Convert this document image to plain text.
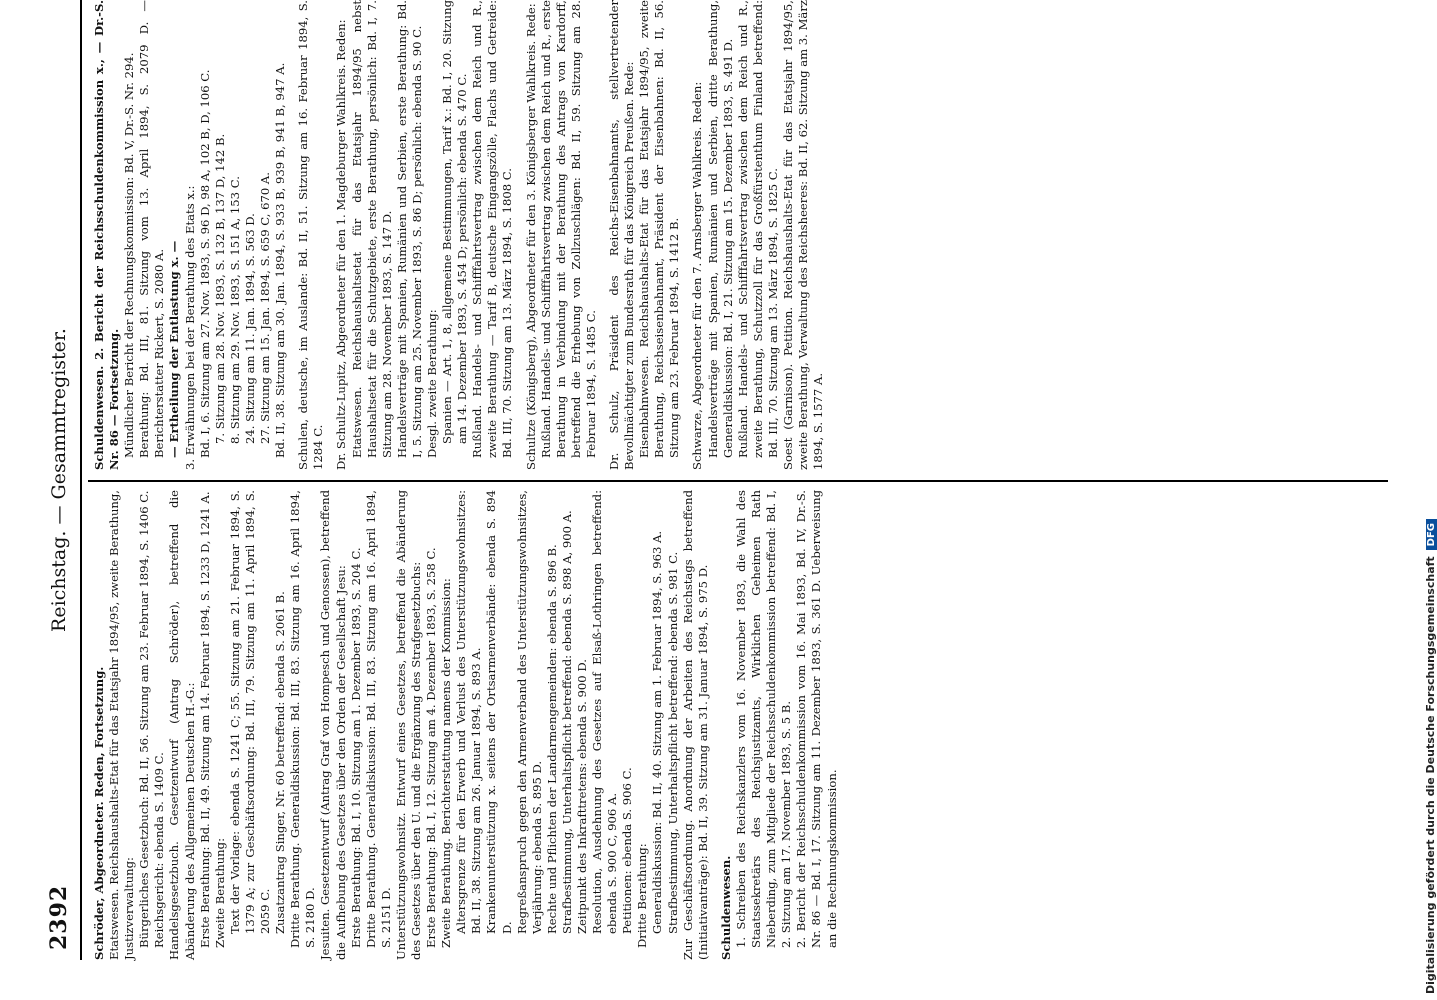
2392
Reichstag. — Gesammtregister.

Schröder, Abgeordneter. Reden, Fortsetzung. Etatswesen. Reichshaushalts-Etat für das Etatsjahr 1894/95, zweite Berathung, Justizverwaltung: Bürgerliches Gesetzbuch: Bd. II, 56. Sitzung am 23. Februar 1894, S. 1406 C. Reichsgericht: ebenda S. 1409 C. Handelsgesetzbuch. Gesetzentwurf (Antrag Schröder), betreffend die Abänderung des Allgemeinen Deutschen H.-G.: Erste Berathung: Bd. II, 49. Sitzung am 14. Februar 1894, S. 1233 D, 1241 A. Zweite Berathung: Text der Vorlage: ebenda S. 1241 C; 55. Sitzung am 21. Februar 1894, S. 1379 A; zur Geschäftsordnung: Bd. III, 79. Sitzung am 11. April 1894, S. 2059 C. Zusatzantrag Singer, Nr. 60 betreffend: ebenda S. 2061 B. Dritte Berathung. Generaldiskussion: Bd. III, 83. Sitzung am 16. April 1894, S. 2180 D. Jesuiten. Gesetzentwurf (Antrag Graf von Hompesch und Genossen), betreffend die Aufhebung des Gesetzes über den Orden der Gesellschaft Jesu: Erste Berathung: Bd. I, 10. Sitzung am 1. Dezember 1893, S. 204 C. Dritte Berathung. Generaldiskussion: Bd. III, 83. Sitzung am 16. April 1894, S. 2151 D. Unterstützungswohnsitz. Entwurf eines Gesetzes, betreffend die Abänderung des Gesetzes über den U. und die Ergänzung des Strafgesetzbuchs: Erste Berathung: Bd. I, 12. Sitzung am 4. Dezember 1893, S. 258 C. Zweite Berathung. Berichterstattung namens der Kommission: Altersgrenze für den Erwerb und Verlust des Unterstützungswohnsitzes: Bd. II, 38. Sitzung am 26. Januar 1894, S. 893 A. Krankenunterstützung x. seitens der Ortsarmenverbände: ebenda S. 894 D. Regreßanspruch gegen den Armenverband des Unterstützungswohnsitzes, Verjährung: ebenda S. 895 D. Rechte und Pflichten der Landarmengemeinden: ebenda S. 896 B. Strafbestimmung, Unterhaltspflicht betreffend: ebenda S. 898 A, 900 A. Zeitpunkt des Inkrafttretens: ebenda S. 900 D. Resolution, Ausdehnung des Gesetzes auf Elsaß-Lothringen betreffend: ebenda S. 900 C, 906 A. Petitionen: ebenda S. 906 C. Dritte Berathung: Generaldiskussion: Bd. II, 40. Sitzung am 1. Februar 1894, S. 963 A. Strafbestimmung, Unterhaltspflicht betreffend: ebenda S. 981 C. Zur Geschäftsordnung. Anordnung der Arbeiten des Reichstags betreffend (Initiativanträge): Bd. II, 39. Sitzung am 31. Januar 1894, S. 975 D. Schuldenwesen. 1. Schreiben des Reichskanzlers vom 16. November 1893, die Wahl des Staatssekretärs des Reichsjustizamts, Wirklichen Geheimen Rath Nieberding, zum Mitgliede der Reichsschuldenkommission betreffend: Bd. I, 2. Sitzung am 17. November 1893, S. 5 B. 2. Bericht der Reichsschuldenkommission vom 16. Mai 1893, Bd. IV, Dr.-S. Nr. 86 — Bd. I, 17. Sitzung am 11. Dezember 1893, S. 361 D. Ueberweisung an die Rechnungskommission.

Schuldenwesen. 2. Bericht der Reichsschuldenkommission x., — Dr.-S. Nr. 86 — Fortsetzung. Mündlicher Bericht der Rechnungskommission: Bd. V, Dr.-S. Nr. 294. Berathung: Bd. III, 81. Sitzung vom 13. April 1894, S. 2079 D. — Berichterstatter Rickert, S. 2080 A. — Ertheilung der Entlastung x. — 3. Erwähnungen bei der Berathung des Etats x.: Bd. I, 6. Sitzung am 27. Nov. 1893, S. 96 D, 98 A, 102 B, D, 106 C. 7. Sitzung am 28. Nov. 1893, S. 132 B, 137 D, 142 B. 8. Sitzung am 29. Nov. 1893, S. 151 A, 153 C. 24. Sitzung am 11. Jan. 1894, S. 563 D. 27. Sitzung am 15. Jan. 1894, S. 659 C, 670 A. Bd. II, 38. Sitzung am 30. Jan. 1894, S. 933 B, 939 B, 941 B, 947 A. Schulen, deutsche, im Auslande: Bd. II, 51. Sitzung am 16. Februar 1894, S. 1284 C. Dr. Schultz-Lupitz, Abgeordneter für den 1. Magdeburger Wahlkreis. Reden: Etatswesen. Reichshaushaltsetat für das Etatsjahr 1894/95 nebst Haushaltsetat für die Schutzgebiete, erste Berathung, persönlich: Bd. I, 7. Sitzung am 28. November 1893, S. 147 D. Handelsverträge mit Spanien, Rumänien und Serbien, erste Berathung: Bd. I, 5. Sitzung am 25. November 1893, S. 86 D; persönlich: ebenda S. 90 C. Desgl. zweite Berathung: Spanien — Art. 1, 8, allgemeine Bestimmungen, Tarif x.: Bd. I, 20. Sitzung am 14. Dezember 1893, S. 454 D; persönlich: ebenda S. 470 C. Rußland. Handels- und Schifffahrtsvertrag zwischen dem Reich und R., zweite Berathung — Tarif B, deutsche Eingangszölle, Flachs und Getreide: Bd. III, 70. Sitzung am 13. März 1894, S. 1808 C. Schultze (Königsberg), Abgeordneter für den 3. Königsberger Wahlkreis. Rede: Rußland. Handels- und Schifffahrtsvertrag zwischen dem Reich und R., erste Berathung in Verbindung mit der Berathung des Antrags von Kardorff, betreffend die Erhebung von Zollzuschlägen: Bd. II, 59. Sitzung am 28. Februar 1894, S. 1485 C. Dr. Schulz, Präsident des Reichs-Eisenbahnamts, stellvertretender Bevollmächtigter zum Bundesrath für das Königreich Preußen. Rede: Eisenbahnwesen. Reichshaushalts-Etat für das Etatsjahr 1894/95, zweite Berathung, Reichseisenbahnamt, Präsident der Eisenbahnen: Bd. II, 56. Sitzung am 23. Februar 1894, S. 1412 B. Schwarze, Abgeordneter für den 7. Arnsberger Wahlkreis. Reden: Handelsverträge mit Spanien, Rumänien und Serbien, dritte Berathung, Generaldiskussion: Bd. I, 21. Sitzung am 15. Dezember 1893, S. 491 D. Rußland. Handels- und Schifffahrtsvertrag zwischen dem Reich und R., zweite Berathung, Schutzzoll für das Großfürstenthum Finland betreffend: Bd. III, 70. Sitzung am 13. März 1894, S. 1825 C. Soest (Garnison). Petition. Reichshaushalts-Etat für das Etatsjahr 1894/95, zweite Berathung, Verwaltung des Reichsheeres: Bd. II, 62. Sitzung am 3. März 1894, S. 1577 A.

Digitalisierung gefördert durch die Deutsche ForschungsgemeinschaftDFG
